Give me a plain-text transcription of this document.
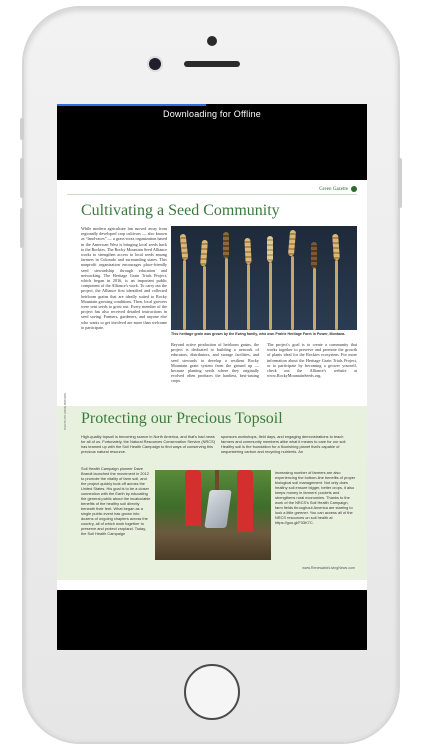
Downloading for Offline
Green Gazette
Cultivating a Seed Community
While modern agriculture has moved away from regionally developed crop cultivars — also known as “land-races” — a grass-roots organization based in the American West is bringing local seeds back to the Rockies. The Rocky Mountain Seed Alliance works to strengthen access to local seeds among farmers in Colorado and surrounding states. This nonprofit organization encourages place-friendly seed stewardship through education and networking. The Heritage Grain Trials Project, which began in 2016, is an important public component of the Alliance's work. To carry out the project, the Alliance first identified and collected heirloom grains that are ideally suited to Rocky Mountain growing conditions. Then, local growers were sent seeds to grow out. Every member of the project has also received detailed instructions in seed saving. Farmers, gardeners, and anyone else who wants to get involved are more than welcome to participate.
This heritage grain was grown by the Ewing family, who own Prairie Heritage Farm in Power, Montana.
Beyond active production of heirloom grains, the project is dedicated to building a network of educators, distributors, and storage facilities, and seed stewards to develop a resilient Rocky Mountain grain system from the ground up — because planting seeds where they originally evolved often produces the hardiest, best-tasting crops.
The project's goal is to create a community that works together to preserve and promote the growth of plants ideal for the Rockies ecosystem. For more information about the Heritage Grain Trials Project, or to participate by becoming a grower yourself, check out the Alliance's website at www.RockyMountainSeeds.org.
Protecting our Precious Topsoil
High-quality topsoil is becoming scarce in North America, and that's bad news for all of us. Fortunately, the Natural Resources Conservation Service (NRCS) has teamed up with the Soil Health Campaign to find ways of conserving this precious natural resource.
Soil Health Campaign pioneer Dave Brandt launched the movement in 2012 to promote the vitality of farm soil, and the project quickly took off across the United States. His goal is to be a closer connection with the Earth by educating the general public about the incalculable benefits of the healthy soil directly beneath their feet. What began as a single public event has grown into dozens of ongoing chapters across the country, all of which work together to preserve and protect cropland. Today, the Soil Health Campaign
sponsors workshops, field days, and engaging demonstrations to teach farmers and community members alike what it means to care for our soil. Healthy soil is the foundation for a flourishing planet that's capable of sequestering carbon and recycling nutrients. An
increasing number of farmers are also experiencing the bottom-line benefits of proper biological soil management. Not only does healthy soil ensure bigger, better crops, it also keeps money in farmers' pockets and strengthens rural economies. Thanks to the work of the NRCS's Soil Health Campaign, farm fields throughout America are starting to look a little greener. You can access all of the NRCS resources on soil health at https://goo.gl/F33K7C.
PHOTO BY ANNE BROWN
www.RenewableLivingNews.com
